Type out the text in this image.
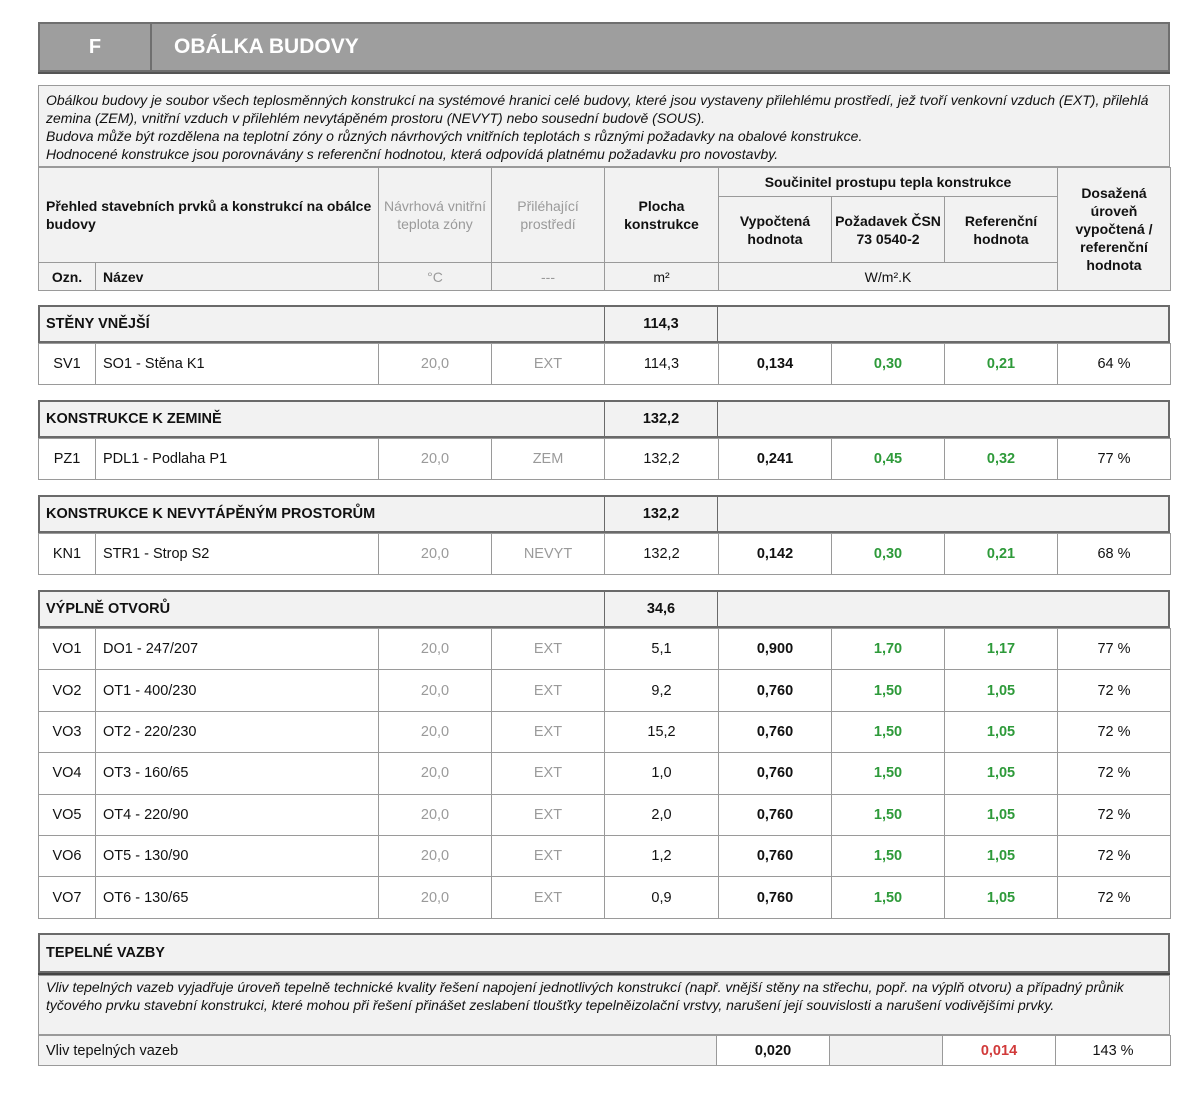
F	OBÁLKA BUDOVY
Obálkou budovy je soubor všech teplosměnných konstrukcí na systémové hranici celé budovy, které jsou vystaveny přilehlému prostředí, jež tvoří venkovní vzduch (EXT), přilehlá zemina (ZEM), vnitřní vzduch v přilehlém nevytápěném prostoru (NEVYT) nebo sousední budově (SOUS).
Budova může být rozdělena na teplotní zóny o různých návrhových vnitřních teplotách s různými požadavky na obalové konstrukce.
Hodnocené konstrukce jsou porovnávány s referenční hodnotou, která odpovídá platnému požadavku pro novostavby.
Přehled stavebních prvků a konstrukcí na obálce budovy		Návrhová vnitřní teplota zóny	Přiléhající prostředí	Plocha konstrukce	Součinitel prostupu tepla konstrukce			Dosažená úroveň vypočtená / referenční hodnota
					Vypočtená hodnota	Požadavek ČSN 73 0540-2	Referenční hodnota	
Ozn.	Název	°C	---	m²	W/m².K			
STĚNY VNĚJŠÍ	114,3
SV1	SO1 - Stěna K1	20,0	EXT	114,3	0,134	0,30	0,21	64 %
KONSTRUKCE K ZEMINĚ	132,2
PZ1	PDL1 - Podlaha P1	20,0	ZEM	132,2	0,241	0,45	0,32	77 %
KONSTRUKCE K NEVYTÁPĚNÝM PROSTORŮM	132,2
KN1	STR1 - Strop S2	20,0	NEVYT	132,2	0,142	0,30	0,21	68 %
VÝPLNĚ OTVORŮ	34,6
VO1	DO1 - 247/207	20,0	EXT	5,1	0,900	1,70	1,17	77 %
VO2	OT1 - 400/230	20,0	EXT	9,2	0,760	1,50	1,05	72 %
VO3	OT2 - 220/230	20,0	EXT	15,2	0,760	1,50	1,05	72 %
VO4	OT3 - 160/65	20,0	EXT	1,0	0,760	1,50	1,05	72 %
VO5	OT4 - 220/90	20,0	EXT	2,0	0,760	1,50	1,05	72 %
VO6	OT5 - 130/90	20,0	EXT	1,2	0,760	1,50	1,05	72 %
VO7	OT6 - 130/65	20,0	EXT	0,9	0,760	1,50	1,05	72 %
TEPELNÉ VAZBY
Vliv tepelných vazeb vyjadřuje úroveň tepelně technické kvality řešení napojení jednotlivých konstrukcí (např. vnější stěny na střechu, popř. na výplň otvoru) a případný průnik tyčového prvku stavební konstrukci, které mohou při řešení přinášet zeslabení tloušťky tepelněizolační vrstvy, narušení její souvislosti a narušení vodivějšími prvky.
Vliv tepelných vazeb	0,020		0,014	143 %
